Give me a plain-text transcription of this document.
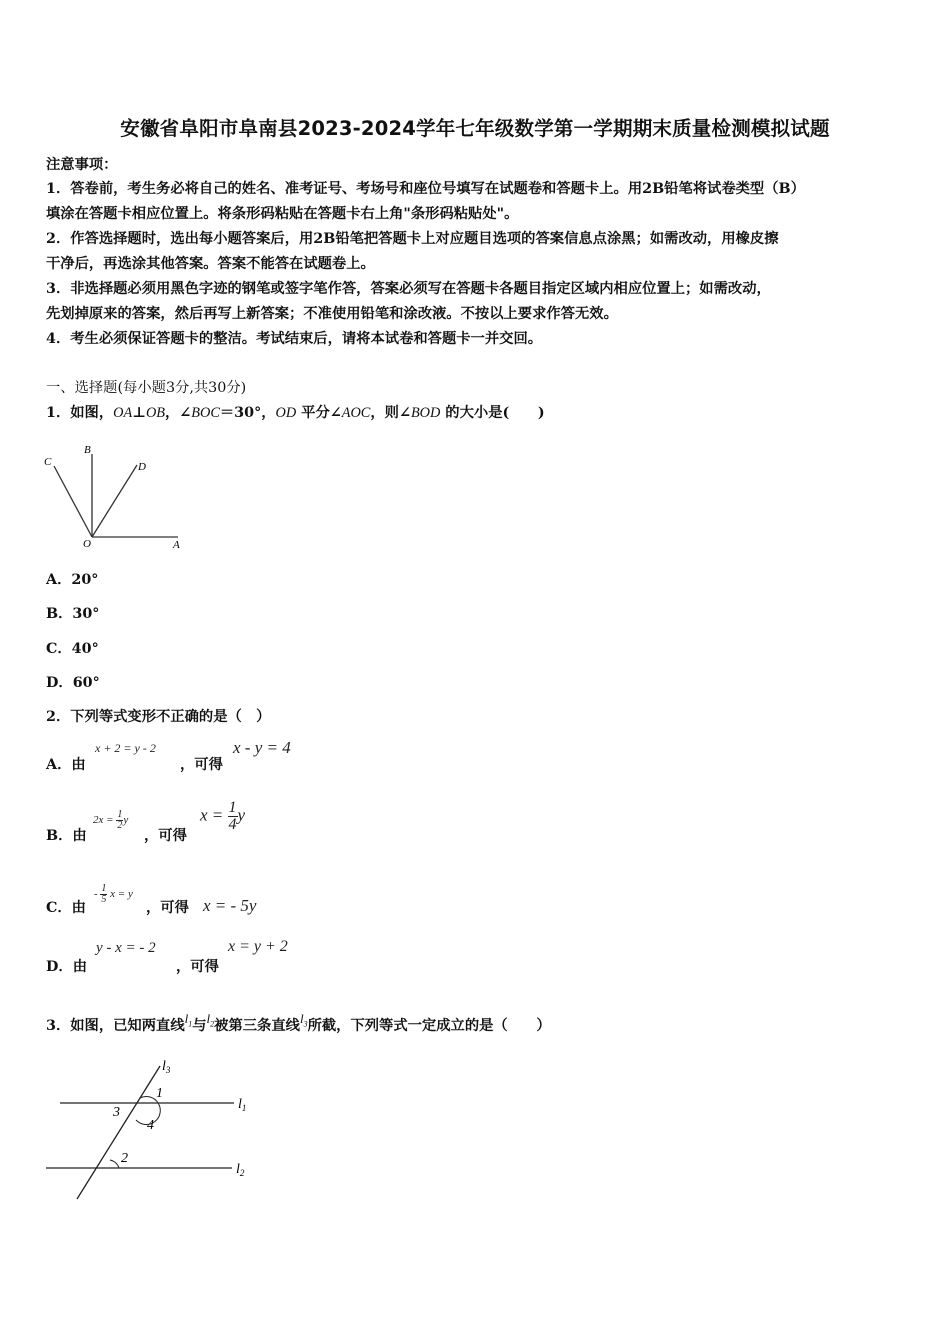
安徽省阜阳市阜南县2023-2024学年七年级数学第一学期期末质量检测模拟试题
注意事项：
1．答卷前，考生务必将自己的姓名、准考证号、考场号和座位号填写在试题卷和答题卡上。用2B铅笔将试卷类型（B）
填涂在答题卡相应位置上。将条形码粘贴在答题卡右上角"条形码粘贴处"。
2．作答选择题时，选出每小题答案后，用2B铅笔把答题卡上对应题目选项的答案信息点涂黑；如需改动，用橡皮擦
干净后，再选涂其他答案。答案不能答在试题卷上。
3．非选择题必须用黑色字迹的钢笔或签字笔作答，答案必须写在答题卡各题目指定区域内相应位置上；如需改动，
先划掉原来的答案，然后再写上新答案；不准使用铅笔和涂改液。不按以上要求作答无效。
4．考生必须保证答题卡的整洁。考试结束后，请将本试卷和答题卡一并交回。
一、选择题(每小题3分,共30分)
1．如图，OA⊥OB，∠BOC＝30°，OD 平分∠AOC，则∠BOD 的大小是(　　)
C
B
D
O	A
A．20°
B．30°
C．40°
D．60°
2．下列等式变形不正确的是（　）
A．由
x + 2 = y - 2
，可得
x - y = 4
B．由
$2x = \frac{1}{2}$ y
，可得
$x = \frac{1}{4}$ y
C．由
- $\frac{1}{5}$ x = y
，可得 x = - 5y
D．由
y - x = - 2
，可得
x = y + 2
3．如图，已知两直线$l_1$与$l_2$被第三条直线$l_3$所截，下列等式一定成立的是（　　）
$l_3$
$l_1$
$l_2$
1
3
4
2
